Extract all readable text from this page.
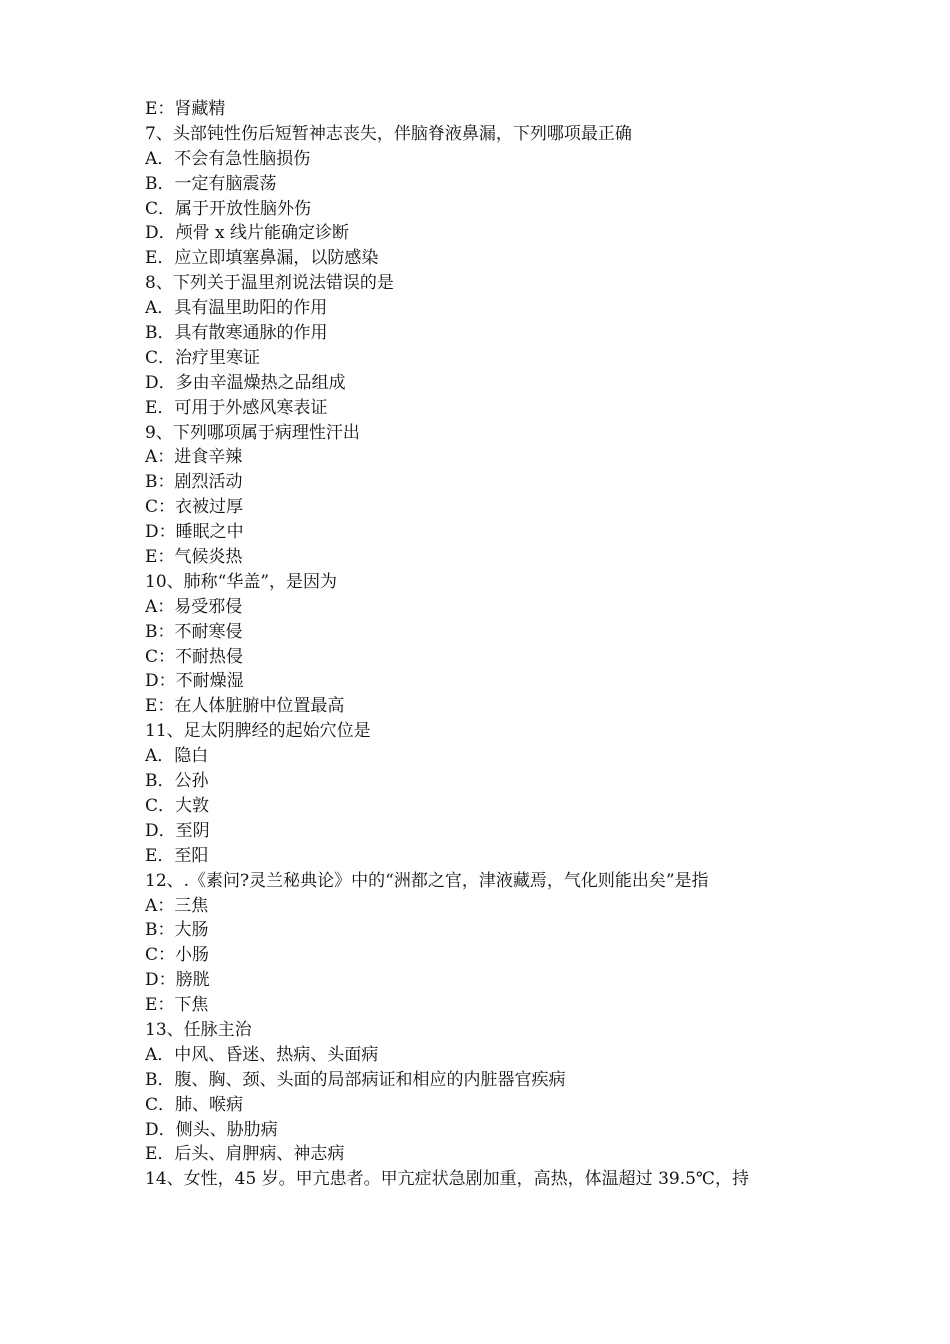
E：肾藏精
7、头部钝性伤后短暂神志丧失，伴脑脊液鼻漏，下列哪项最正确
A．不会有急性脑损伤
B．一定有脑震荡
C．属于开放性脑外伤
D．颅骨 x 线片能确定诊断
E．应立即填塞鼻漏，以防感染
8、下列关于温里剂说法错误的是
A．具有温里助阳的作用
B．具有散寒通脉的作用
C．治疗里寒证
D．多由辛温燥热之品组成
E．可用于外感风寒表证
9、下列哪项属于病理性汗出
A：进食辛辣
B：剧烈活动
C：衣被过厚
D：睡眠之中
E：气候炎热
10、肺称“华盖”，是因为
A：易受邪侵
B：不耐寒侵
C：不耐热侵
D：不耐燥湿
E：在人体脏腑中位置最高
11、足太阴脾经的起始穴位是
A．隐白
B．公孙
C．大敦
D．至阴
E．至阳
12、.《素问?灵兰秘典论》中的“洲都之官，津液藏焉，气化则能出矣”是指
A：三焦
B：大肠
C：小肠
D：膀胱
E：下焦
13、任脉主治
A．中风、昏迷、热病、头面病
B．腹、胸、颈、头面的局部病证和相应的内脏器官疾病
C．肺、喉病
D．侧头、胁肋病
E．后头、肩胛病、神志病
14、女性，45 岁。甲亢患者。甲亢症状急剧加重，高热，体温超过 39.5℃，持
